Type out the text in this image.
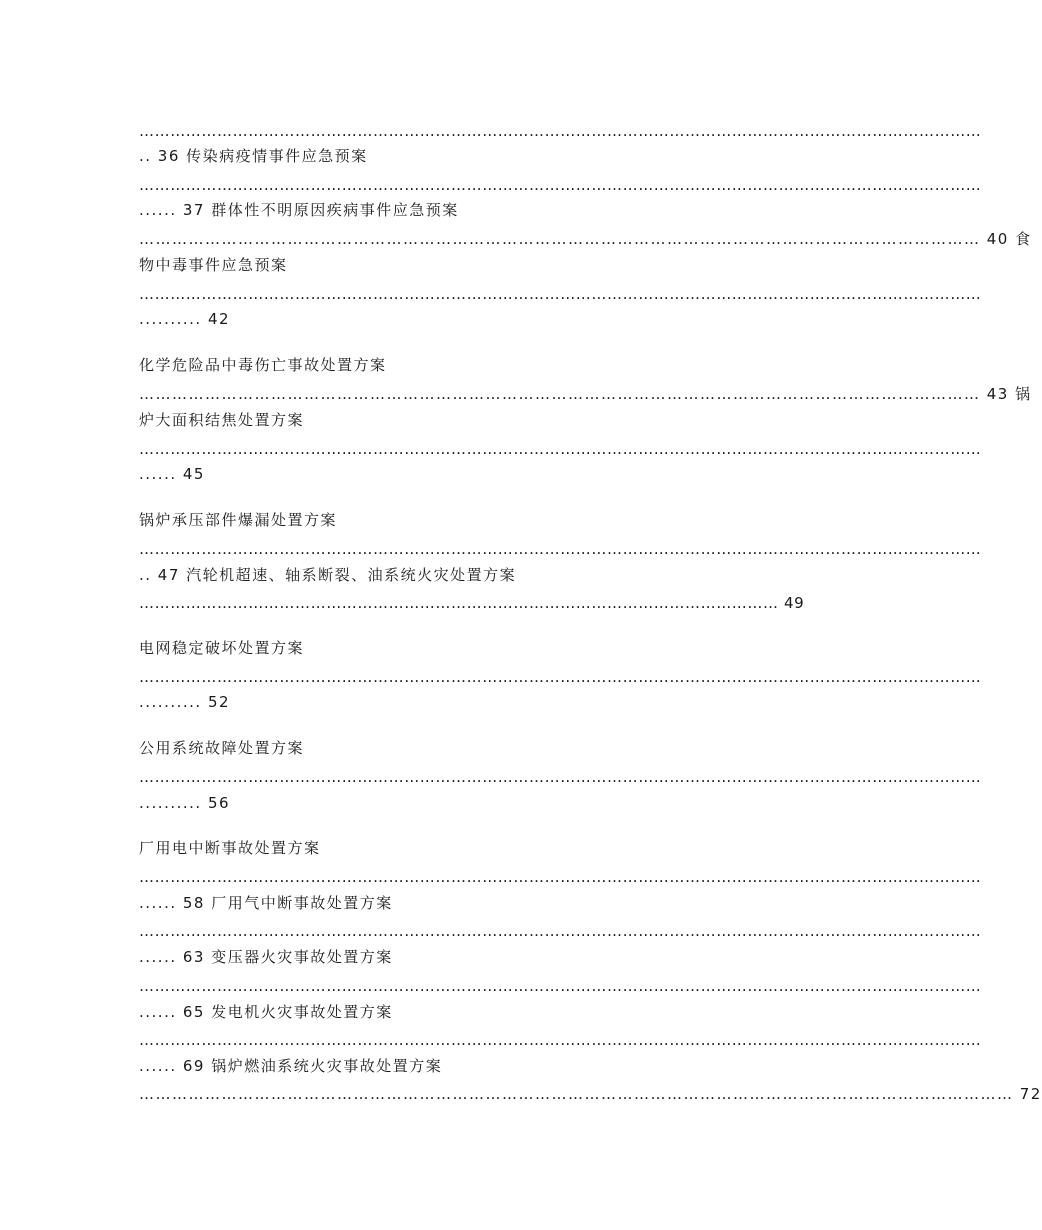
………………………………………………………………………………………………………………………………………………
.. 36 传染病疫情事件应急预案
………………………………………………………………………………………………………………………………………………
...... 37 群体性不明原因疾病事件应急预案
……………………………………………………………………………………………………………………………………… 40 食
物中毒事件应急预案
………………………………………………………………………………………………………………………………………………
.......... 42
化学危险品中毒伤亡事故处置方案
……………………………………………………………………………………………………………………………………… 43 锅
炉大面积结焦处置方案
………………………………………………………………………………………………………………………………………………
...... 45
锅炉承压部件爆漏处置方案
………………………………………………………………………………………………………………………………………………
.. 47 汽轮机超速、轴系断裂、油系统火灾处置方案
…………………………………………………………………………………………………………… 49
电网稳定破坏处置方案
………………………………………………………………………………………………………………………………………………
.......... 52
公用系统故障处置方案
………………………………………………………………………………………………………………………………………………
.......... 56
厂用电中断事故处置方案
………………………………………………………………………………………………………………………………………………
...... 58 厂用气中断事故处置方案
………………………………………………………………………………………………………………………………………………
...... 63 变压器火灾事故处置方案
………………………………………………………………………………………………………………………………………………
...... 65 发电机火灾事故处置方案
………………………………………………………………………………………………………………………………………………
...... 69 锅炉燃油系统火灾事故处置方案
…………………………………………………………………………………………………………………………………………… 72
